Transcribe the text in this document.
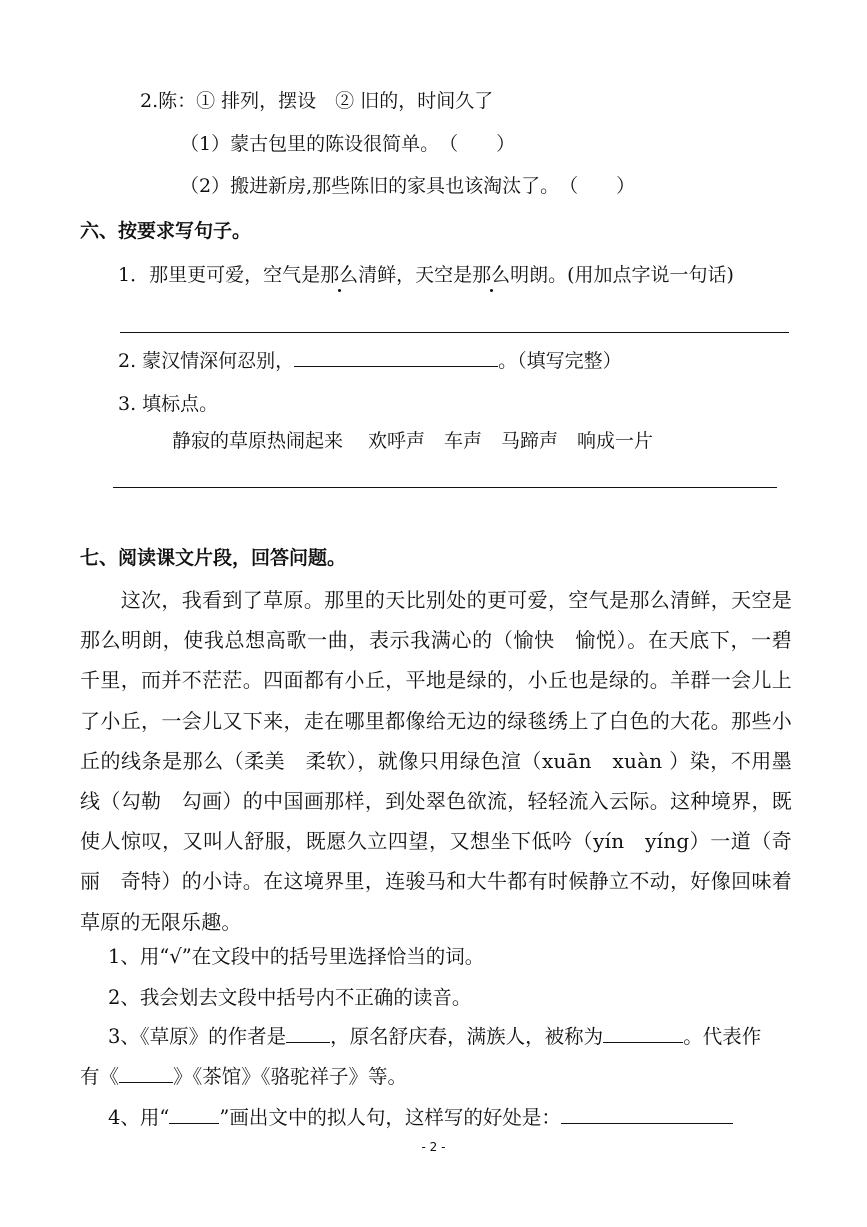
2.陈：① 排列，摆设　② 旧的，时间久了
（1）蒙古包里的陈设很简单。　（　　）
（2）搬进新房,那些陈旧的家具也该淘汰了。　（　　）
六、按要求写句子。
1．那里更可爱，空气是那么清鲜，天空是那么明朗。(用加点字说一句话)
2. 蒙汉情深何忍别，	。（填写完整）
3. 填标点。
静寂的草原热闹起来　 欢呼声　车声　马蹄声　响成一片
七、阅读课文片段，回答问题。
　　这次，我看到了草原。那里的天比别处的更可爱，空气是那么清鲜，天空是那么明朗，使我总想高歌一曲，表示我满心的（愉快　愉悦）。在天底下，一碧千里，而并不茫茫。四面都有小丘，平地是绿的，小丘也是绿的。羊群一会儿上了小丘，一会儿又下来，走在哪里都像给无边的绿毯绣上了白色的大花。那些小丘的线条是那么（柔美　柔软），就像只用绿色渲（xuān　xuàn ）染，不用墨线（勾勒　勾画）的中国画那样，到处翠色欲流，轻轻流入云际。这种境界，既使人惊叹，又叫人舒服，既愿久立四望，又想坐下低吟（yín　yíng）一道（奇丽　奇特）的小诗。在这境界里，连骏马和大牛都有时候静立不动，好像回味着草原的无限乐趣。
1、用“√”在文段中的括号里选择恰当的词。
2、我会划去文段中括号内不正确的读音。
3、《草原》的作者是 ，原名舒庆春，满族人，被称为	。代表作
有《	》《茶馆》《骆驼祥子》等。
4、用“	”画出文中的拟人句，这样写的好处是：
- 2 -
